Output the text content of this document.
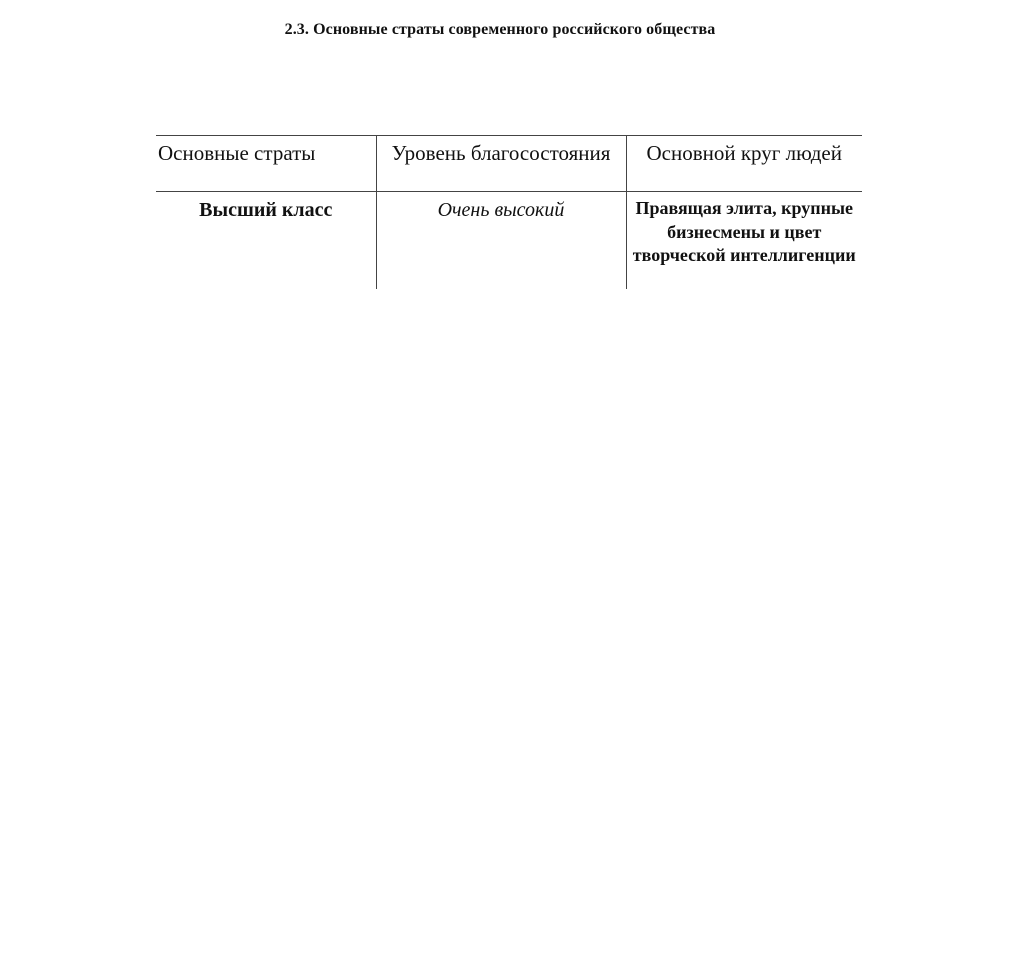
2.3. Основные страты современного российского общества
Основные страты	Уровень благосостояния	Основной круг людей
Высший класс	Очень высокий	Правящая элита, крупные бизнесмены и цвет творческой интеллигенции
